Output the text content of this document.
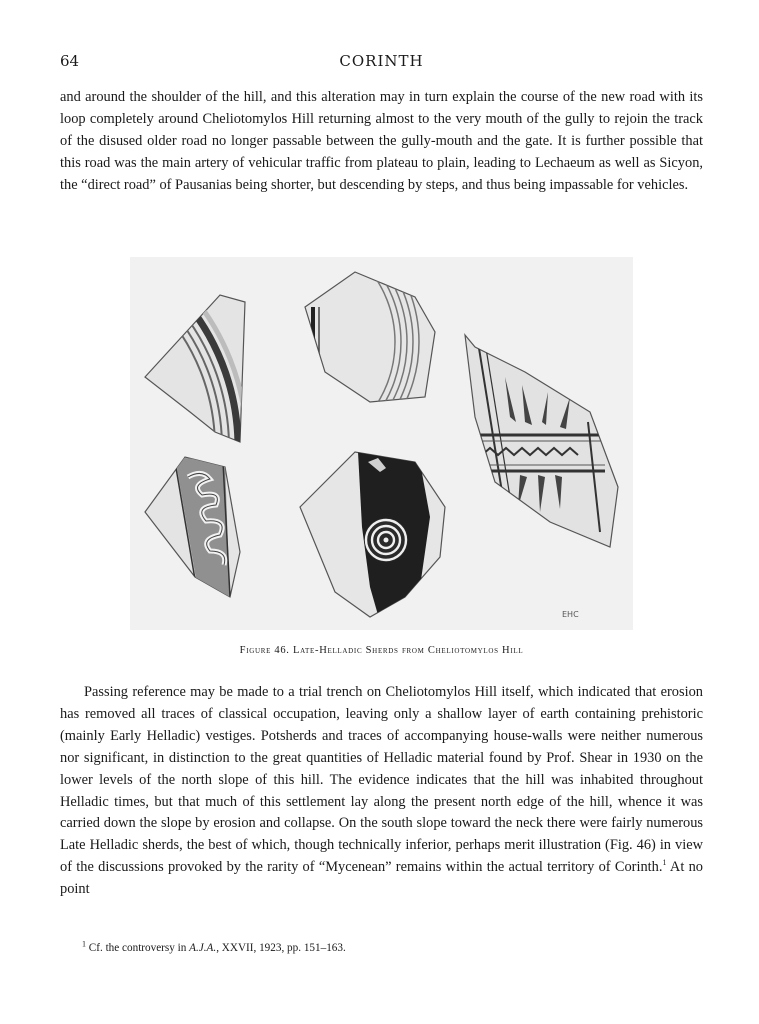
64	CORINTH

and around the shoulder of the hill, and this alteration may in turn explain the course of the new road with its loop completely around Cheliotomylos Hill returning almost to the very mouth of the gully to rejoin the track of the disused older road no longer passable between the gully-mouth and the gate. It is further possible that this road was the main artery of vehicular traffic from plateau to plain, leading to Lechaeum as well as Sicyon, the “direct road” of Pausanias being shorter, but descending by steps, and thus being impassable for vehicles.

EHC
Figure 46. Late-Helladic Sherds from Cheliotomylos Hill

Passing reference may be made to a trial trench on Cheliotomylos Hill itself, which indicated that erosion has removed all traces of classical occupation, leaving only a shallow layer of earth containing prehistoric (mainly Early Helladic) vestiges. Potsherds and traces of accompanying house-walls were neither numerous nor significant, in distinction to the great quantities of Helladic material found by Prof. Shear in 1930 on the lower levels of the north slope of this hill. The evidence indicates that the hill was inhabited throughout Helladic times, but that much of this settlement lay along the present north edge of the hill, whence it was carried down the slope by erosion and collapse. On the south slope toward the neck there were fairly numerous Late Helladic sherds, the best of which, though technically inferior, perhaps merit illustration (Fig. 46) in view of the discussions provoked by the rarity of “Mycenean” remains within the actual territory of Corinth.$^1$ At no point

$^1$ Cf. the controversy in A.J.A., XXVII, 1923, pp. 151–163.
